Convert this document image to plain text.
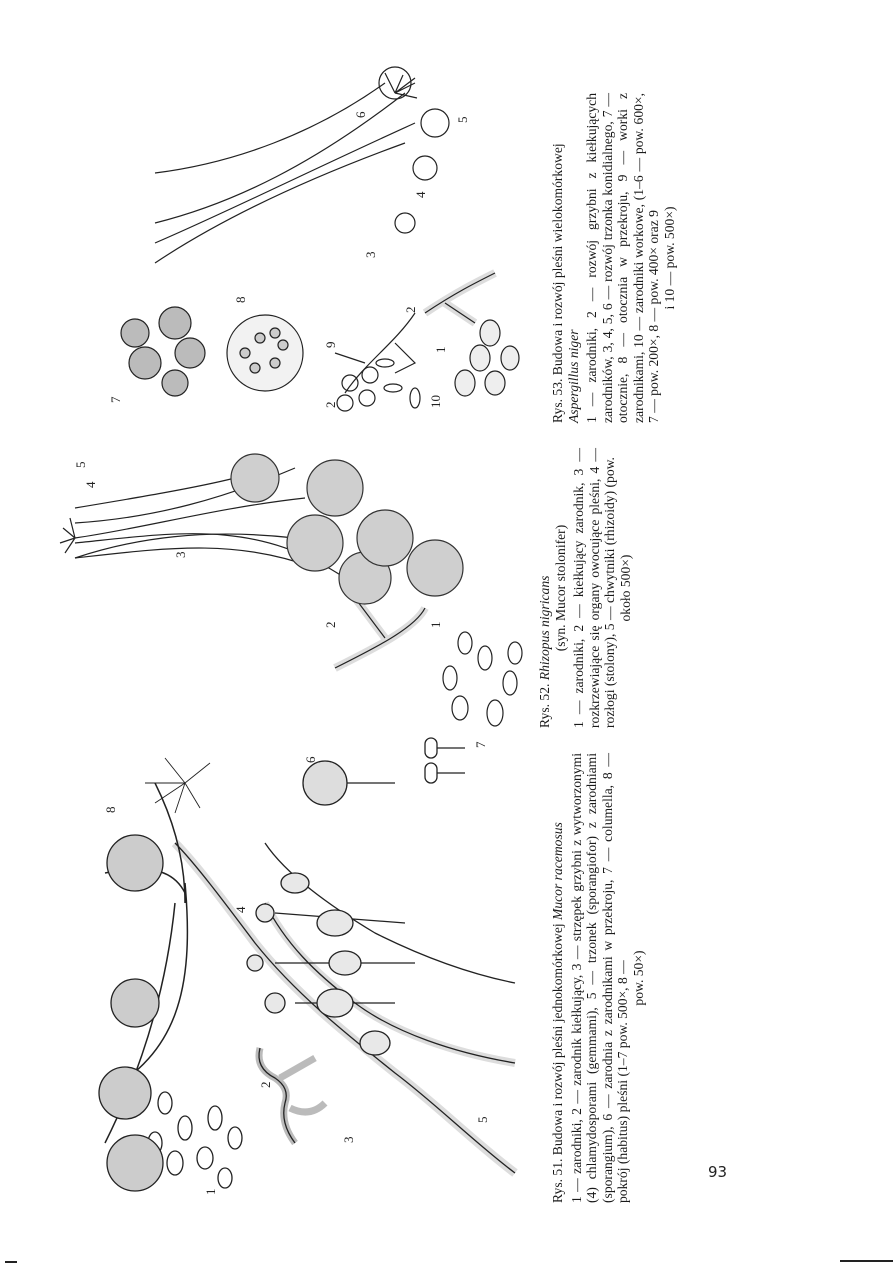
1
2
3
4
5
6
7
8
Rys. 51. Budowa i rozwój pleśni jednokomórkowej Mucor racemosus 1 — zarodniki, 2 — zarodnik kiełkujący, 3 — strzępek grzybni z wytworzonymi (4) chlamydosporami (gemmami), 5 — trzonek (sporangiofor) z zarodniami (sporangium), 6 — zarodnia z zarodnikami w przekroju, 7 — columella, 8 — pokrój (habitus) pleśni (1–7 pow. 500×, 8 — pow. 50×)
1
2
3
4
5
Rys. 52. Rhizopus nigricans (syn. Mucor stolonifer) 1 — zarodniki, 2 — kiełkujący zarodnik, 3 — rozkrzewiające się organy owocujące pleśni, 4 — rozłogi (stolony), 5 — chwytniki (rhizoidy) (pow. około 500×)
1
2
2
3
4
5
6
7
8
9
10	Rys. 53. Budowa i rozwój pleśni wielokomórkowej Aspergillus niger 1 — zarodniki, 2 — rozwój grzybni z kiełkujących zarodników, 3, 4, 5, 6 — rozwój trzonka konidialnego, 7 — otocznie, 8 — otocznia w przekroju, 9 — worki z zarodnikami, 10 — zarodniki workowe, (1–6 — pow. 600×, 7 — pow. 200×, 8 — pow. 400× oraz 9 i 10 — pow. 500×)
93
